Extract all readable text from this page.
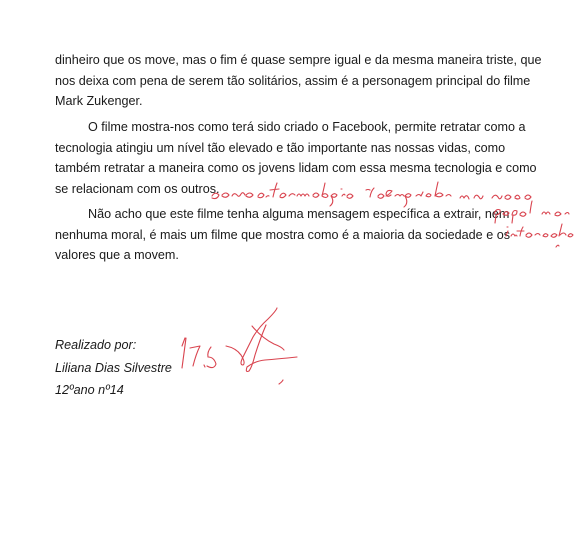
dinheiro que os move, mas o fim é quase sempre igual e da mesma maneira triste, que
nos deixa com pena de serem tão solitários, assim é a personagem principal do filme
Mark Zukenger.

O filme mostra-nos como terá sido criado o Facebook, permite retratar como a
tecnologia atingiu um nível tão elevado e tão importante nas nossas vidas, como
também retratar a maneira como os jovens lidam com essa mesma tecnologia e como
se relacionam com os outros.

Não acho que este filme tenha alguma mensagem específica a extrair, nem
nenhuma moral, é mais um filme que mostra como é a maioria da sociedade e os
valores que a movem.

Realizado por:
Liliana Dias Silvestre
12ºano nº14
